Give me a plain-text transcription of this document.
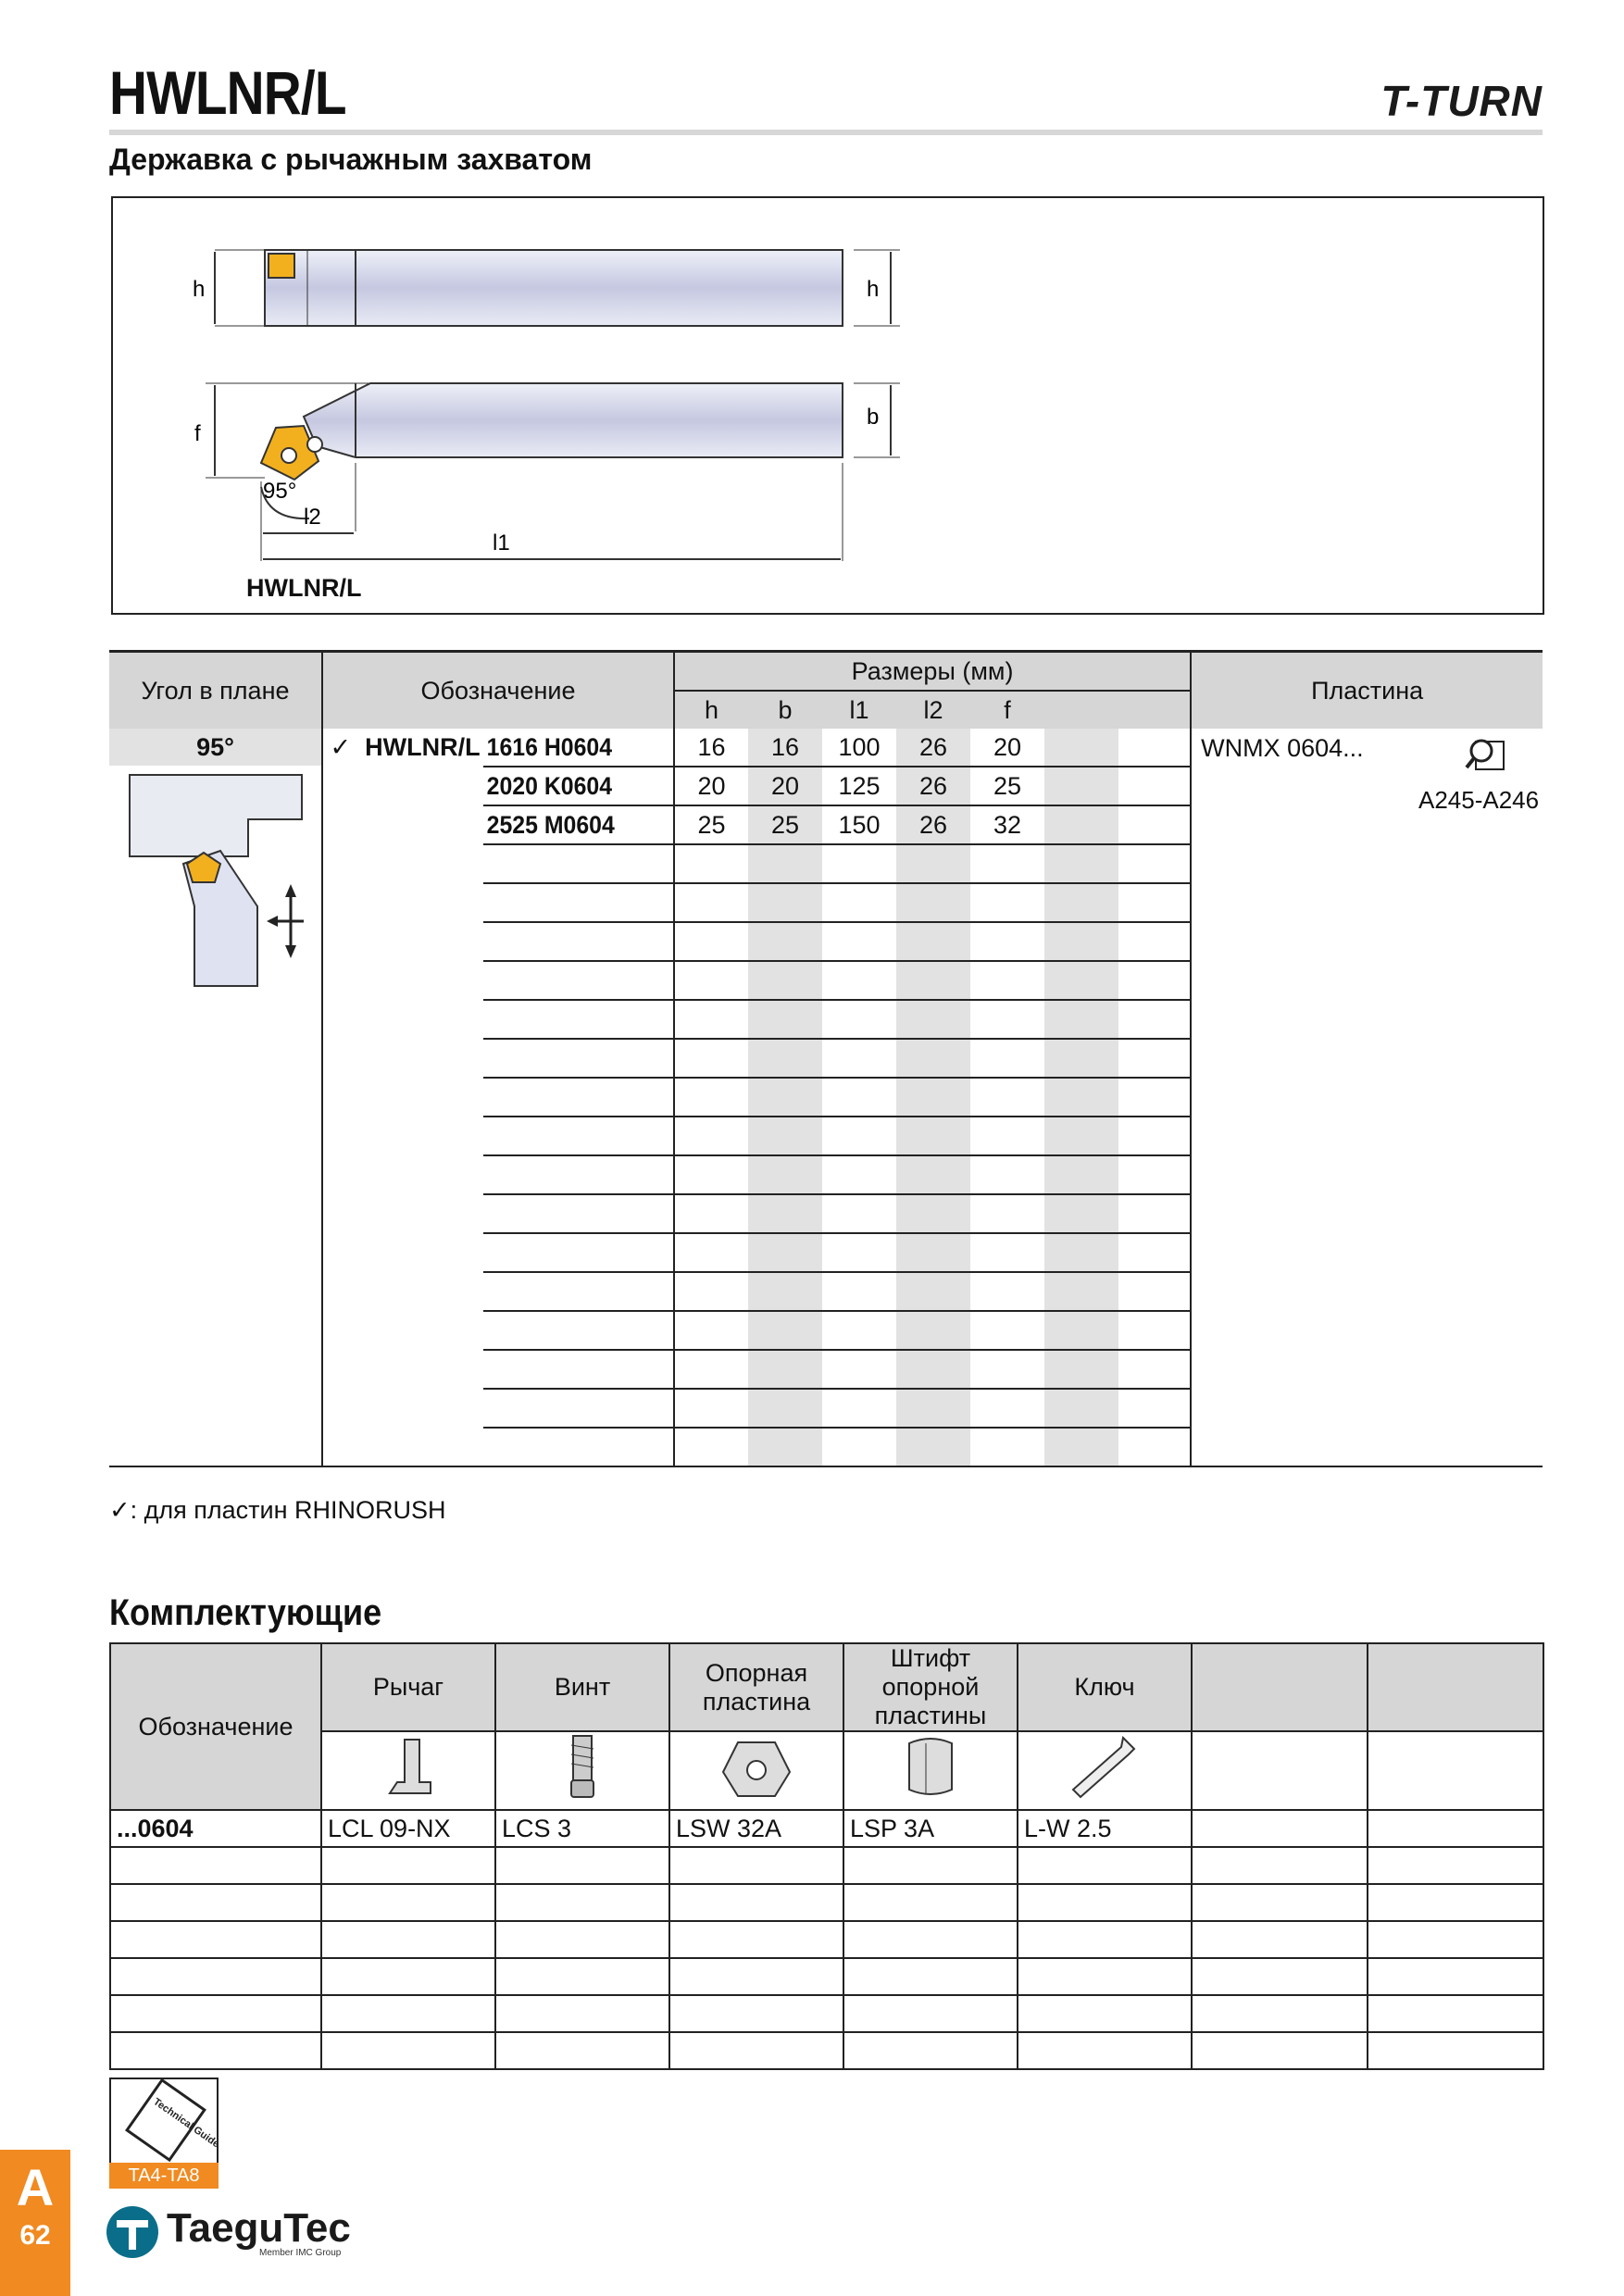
HWLNR/L	T-TURN
Державка с рычажным захватом
h	h
f
b
95°
l2
l1
HWLNR/L
Угол в плане	Обозначение		Размеры (мм)							Пластина
			h	b	l1	l2	f			
95°	✓ HWLNR/L	1616 H0604	16	16	100	26	20			WNMX 0604...
A245-A246

		2020 K0604	20	20	125	26	25			
		2525 M0604	25	25	150	26	32			

✓: для пластин RHINORUSH
Комплектующие
Обозначение	Рычаг	Винт	Опорная пластина	Штифт опорной пластины	Ключ		

...0604	LCL 09-NX	LCS 3	LSW 32A	LSP 3A	L-W 2.5		

Technical Guide
TA4-TA8
A
62	TaeguTec
Member IMC Group
